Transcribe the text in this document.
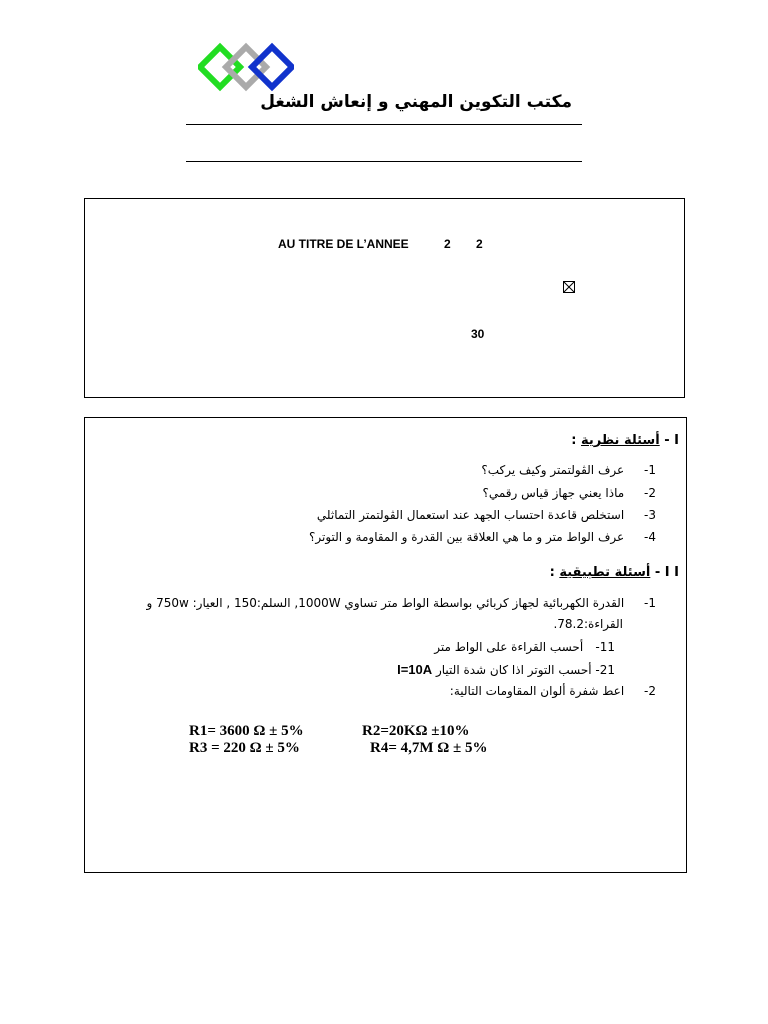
مكتب التكوين المهني و إنعاش الشغل
AU TITRE DE L’ANNEE	2 2
30
I - أسئلة نظرية :
1- عرف الڤولتمتر وكيف يركب؟
2- ماذا يعني جهاز قياس رقمي؟
3- استخلص قاعدة احتساب الجهد عند استعمال الڤولتمتر التماثلي
4- عرف الواط متر و ما هي العلاقة بين القدرة و المقاومة و التوتر؟
I I - أسئلة تطبيقية :
1- القدرة الكهربائية لجهاز كربائي بواسطة الواط متر تساوي 1000W, السلم:150 , العيار: 750w و
القراءة:78.2.
11- أحسب القراءة على الواط متر
21- أحسب التوتر اذا كان شدة التيار I=10A
2- اعط شفرة ألوان المقاومات التالية:
R1= 3600 Ω ± 5%	R2=20KΩ ±10%
R3 = 220 Ω ± 5%	R4= 4,7M Ω ± 5%
